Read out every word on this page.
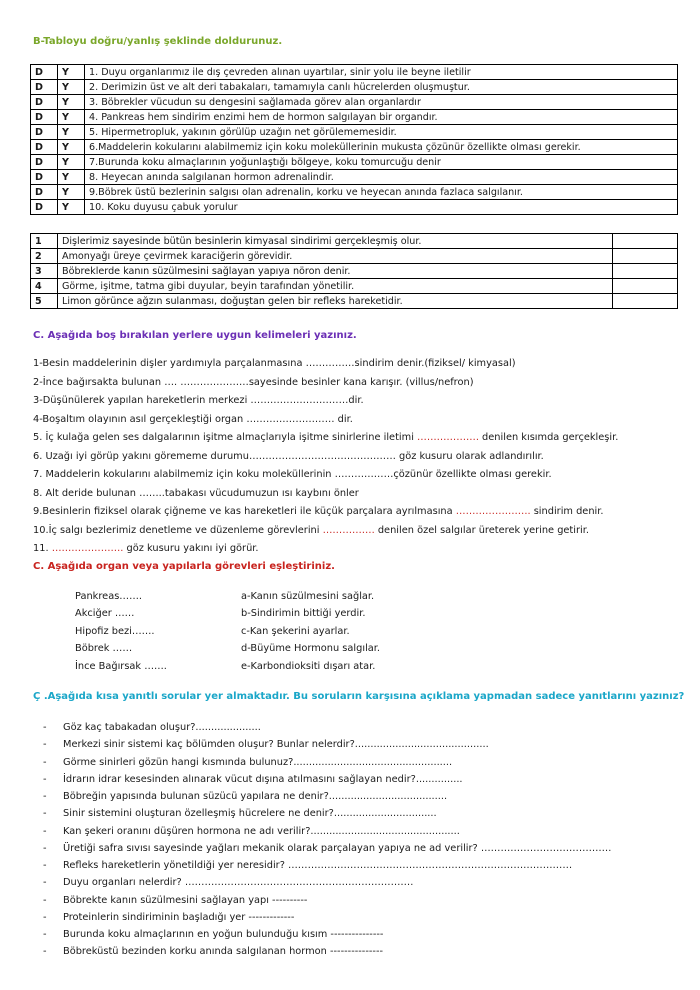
B-Tabloyu doğru/yanlış şeklinde doldurunuz.
D	Y	1. Duyu organlarımız ile dış çevreden alınan uyartılar, sinir yolu ile beyne iletilir
D	Y	2. Derimizin üst ve alt deri tabakaları, tamamıyla canlı hücrelerden oluşmuştur.
D	Y	3. Böbrekler vücudun su dengesini sağlamada görev alan organlardır
D	Y	4. Pankreas hem sindirim enzimi hem de hormon salgılayan bir organdır.
D	Y	5. Hipermetropluk, yakının görülüp uzağın net görülememesidir.
D	Y	6.Maddelerin kokularını alabilmemiz için koku moleküllerinin mukusta çözünür özellikte olması gerekir.
D	Y	7.Burunda koku almaçlarının yoğunlaştığı bölgeye, koku tomurcuğu denir
D	Y	8. Heyecan anında salgılanan hormon adrenalindir.
D	Y	9.Böbrek üstü bezlerinin salgısı olan adrenalin, korku ve heyecan anında fazlaca salgılanır.
D	Y	10. Koku duyusu çabuk yorulur
1	Dişlerimiz sayesinde bütün besinlerin kimyasal sindirimi gerçekleşmiş olur.	
2	Amonyağı üreye çevirmek karaciğerin görevidir.	
3	Böbreklerde kanın süzülmesini sağlayan yapıya nöron denir.	
4	Görme, işitme, tatma gibi duyular, beyin tarafından yönetilir.	
5	Limon görünce ağzın sulanması, doğuştan gelen bir refleks hareketidir.	
C. Aşağıda boş bırakılan yerlere uygun kelimeleri yazınız.
1-Besin maddelerinin dişler yardımıyla parçalanmasına ……………sindirim denir.(fiziksel/ kimyasal)
2-İnce bağırsakta bulunan …. …………………sayesinde besinler kana karışır. (villus/nefron)
3-Düşünülerek yapılan hareketlerin merkezi …………………………dir.
4-Boşaltım olayının asıl gerçekleştiği organ ……………………… dir.
5. İç kulağa gelen ses dalgalarının işitme almaçlarıyla işitme sinirlerine iletimi ………………. denilen kısımda gerçekleşir.
6. Uzağı iyi görüp yakını görememe durumu……………………………………… göz kusuru olarak adlandırılır.
7. Maddelerin kokularını alabilmemiz için koku moleküllerinin ………………çözünür özellikte olması gerekir.
8. Alt deride bulunan ……..tabakası vücudumuzun ısı kaybını önler
9.Besinlerin fiziksel olarak çiğneme ve kas hareketleri ile küçük parçalara ayrılmasına ………………….. sindirim denir.
10.İç salgı bezlerimiz denetleme ve düzenleme görevlerini ……………. denilen özel salgılar üreterek yerine getirir.
11. …………………. göz kusuru yakını iyi görür.
C. Aşağıda organ veya yapılarla görevleri eşleştiriniz.
Pankreas…….	a-Kanın süzülmesini sağlar.
Akciğer ……	b-Sindirimin bittiği yerdir.
Hipofiz bezi…….	c-Kan şekerini ayarlar.
Böbrek ……	d-Büyüme Hormonu salgılar.
İnce Bağırsak …….	e-Karbondioksiti dışarı atar.
Ç .Aşağıda kısa yanıtlı sorular yer almaktadır. Bu soruların karşısına açıklama yapmadan sadece yanıtlarını yazınız?
- Göz kaç tabakadan oluşur?.....................
- Merkezi sinir sistemi kaç bölümden oluşur? Bunlar nelerdir?...........................................
- Görme sinirleri gözün hangi kısmında bulunuz?...................................................
- İdrarın idrar kesesinden alınarak vücut dışına atılmasını sağlayan nedir?...............
- Böbreğin yapısında bulunan süzücü yapılara ne denir?......................................
- Sinir sistemini oluşturan özelleşmiş hücrelere ne denir?.................................
- Kan şekeri oranını düşüren hormona ne adı verilir?................................................
- Üretiği safra sıvısı sayesinde yağları mekanik olarak parçalayan yapıya ne ad verilir? ………………………………….
- Refleks hareketlerin yönetildiği yer neresidir? ……………………………………………………………………………
- Duyu organları nelerdir? …………………………………………………………….
- Böbrekte kanın süzülmesini sağlayan yapı ----------
- Proteinlerin sindiriminin başladığı yer -------------
- Burunda koku almaçlarının en yoğun bulunduğu kısım ---------------
- Böbreküstü bezinden korku anında salgılanan hormon ---------------
